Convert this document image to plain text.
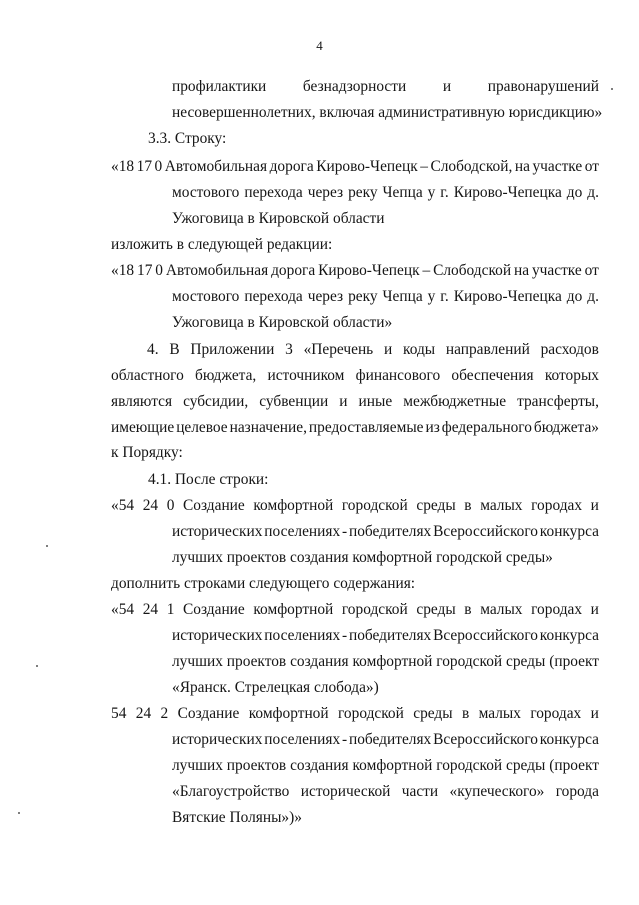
4
профилактики безнадзорности и правонарушений
несовершеннолетних, включая административную юрисдикцию»
3.3. Строку:
«18 17 0 Автомобильная дорога Кирово-Чепецк – Слободской, на участке от
мостового перехода через реку Чепца у г. Кирово-Чепецка до д.
Ужоговица в Кировской области
изложить в следующей редакции:
«18 17 0 Автомобильная дорога Кирово-Чепецк – Слободской на участке от
мостового перехода через реку Чепца у г. Кирово-Чепецка до д.
Ужоговица в Кировской области»
4. В Приложении 3 «Перечень и коды направлений расходов
областного бюджета, источником финансового обеспечения которых
являются субсидии, субвенции и иные межбюджетные трансферты,
имеющие целевое назначение, предоставляемые из федерального бюджета»
к Порядку:
4.1. После строки:
«54 24 0 Создание комфортной городской среды в малых городах и
исторических поселениях - победителях Всероссийского конкурса
лучших проектов создания комфортной городской среды»
дополнить строками следующего содержания:
«54 24 1 Создание комфортной городской среды в малых городах и
исторических поселениях - победителях Всероссийского конкурса
лучших проектов создания комфортной городской среды (проект
«Яранск. Стрелецкая слобода»)
54 24 2 Создание комфортной городской среды в малых городах и
исторических поселениях - победителях Всероссийского конкурса
лучших проектов создания комфортной городской среды (проект
«Благоустройство исторической части «купеческого» города
Вятские Поляны»)»
